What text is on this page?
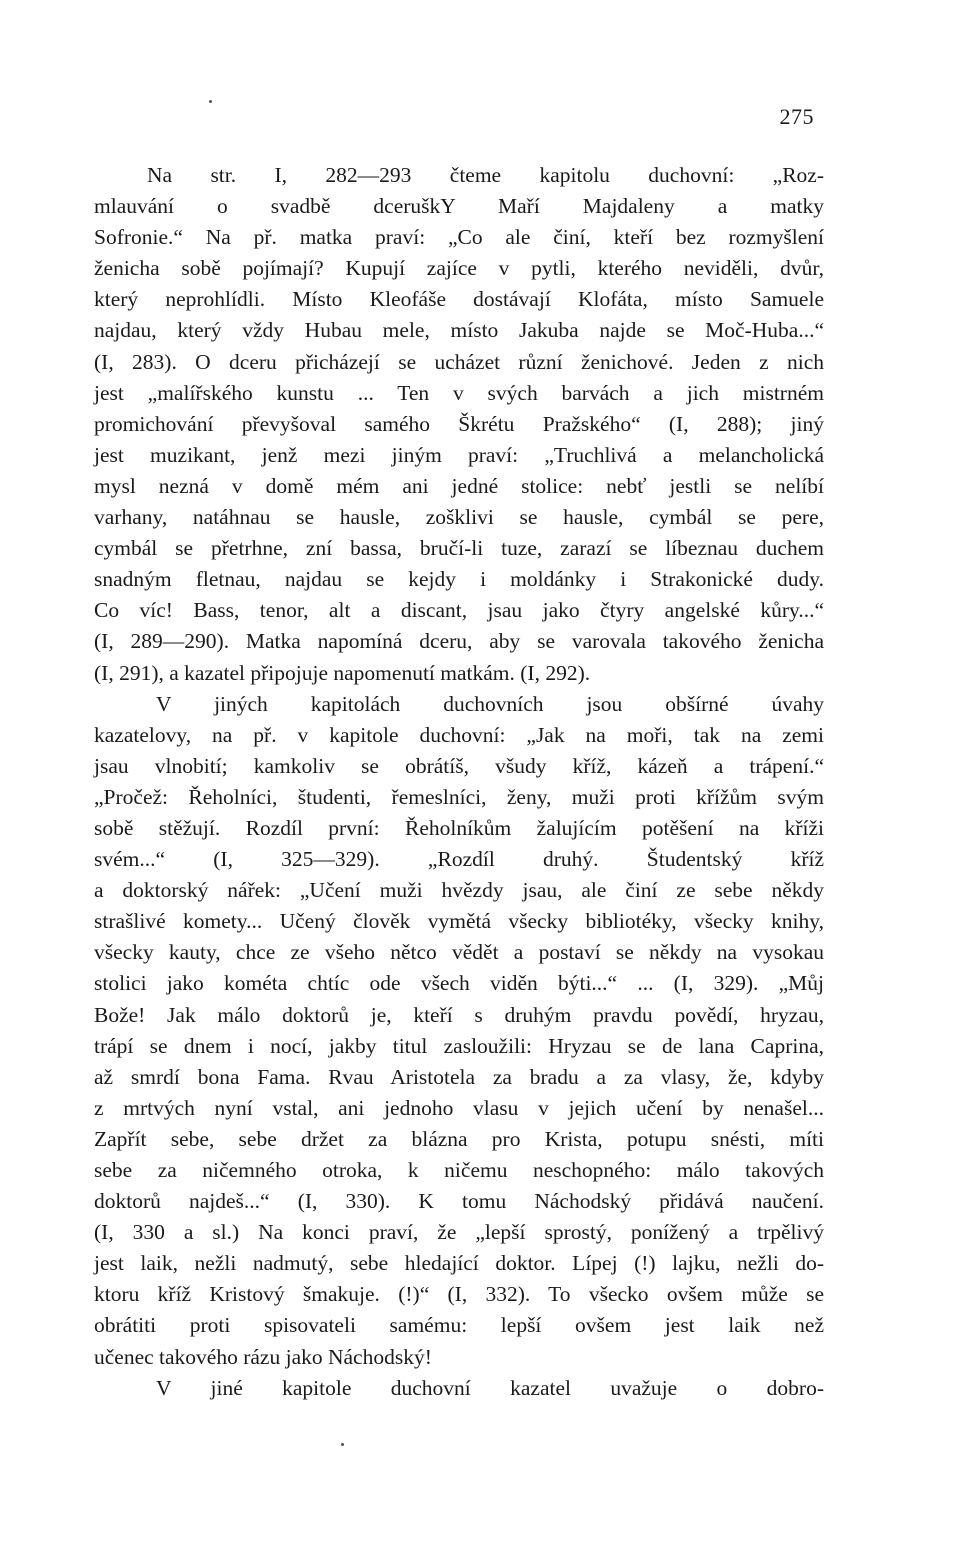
275
Na str. I, 282—293 čteme kapitolu duchovní: „Roz-
mlauvání o svadbě dceruškY Maří Majdaleny a matky
Sofronie.“ Na př. matka praví: „Co ale činí, kteří bez rozmyšlení
ženicha sobě pojímají? Kupují zajíce v pytli, kterého neviděli, dvůr,
který neprohlídli. Místo Kleofáše dostávají Klofáta, místo Samuele
najdau, který vždy Hubau mele, místo Jakuba najde se Moč-Huba...“
(I, 283). O dceru přicházejí se ucházet různí ženichové. Jeden z nich
jest „malířského kunstu ... Ten v svých barvách a jich mistrném
promichování převyšoval samého Škrétu Pražského“ (I, 288); jiný
jest muzikant, jenž mezi jiným praví: „Truchlivá a melancholická
mysl nezná v domě mém ani jedné stolice: nebť jestli se nelíbí
varhany, natáhnau se hausle, zošklivi se hausle, cymbál se pere,
cymbál se přetrhne, zní bassa, bručí-li tuze, zarazí se líbeznau duchem
snadným fletnau, najdau se kejdy i moldánky i Strakonické dudy.
Co víc! Bass, tenor, alt a discant, jsau jako čtyry angelské kůry...“
(I, 289—290). Matka napomíná dceru, aby se varovala takového ženicha
(I, 291), a kazatel připojuje napomenutí matkám. (I, 292).
V jiných kapitolách duchovních jsou obšírné úvahy
kazatelovy, na př. v kapitole duchovní: „Jak na moři, tak na zemi
jsau vlnobití; kamkoliv se obrátíš, všudy kříž, kázeň a trápení.“
„Pročež: Řeholníci, študenti, řemeslníci, ženy, muži proti křížům svým
sobě stěžují. Rozdíl první: Řeholníkům žalujícím potěšení na kříži
svém...“ (I, 325—329). „Rozdíl druhý. Študentský kříž
a doktorský nářek: „Učení muži hvězdy jsau, ale činí ze sebe někdy
strašlivé komety... Učený člověk vymětá všecky bibliotéky, všecky knihy,
všecky kauty, chce ze všeho nětco vědět a postaví se někdy na vysokau
stolici jako kométa chtíc ode všech viděn býti...“ ... (I, 329). „Můj
Bože! Jak málo doktorů je, kteří s druhým pravdu povědí, hryzau,
trápí se dnem i nocí, jakby titul zasloužili: Hryzau se de lana Caprina,
až smrdí bona Fama. Rvau Aristotela za bradu a za vlasy, že, kdyby
z mrtvých nyní vstal, ani jednoho vlasu v jejich učení by nenašel...
Zapřít sebe, sebe držet za blázna pro Krista, potupu snésti, míti
sebe za ničemného otroka, k ničemu neschopného: málo takových
doktorů najdeš...“ (I, 330). K tomu Náchodský přidává naučení.
(I, 330 a sl.) Na konci praví, že „lepší sprostý, ponížený a trpělivý
jest laik, nežli nadmutý, sebe hledající doktor. Lípej (!) lajku, nežli do-
ktoru kříž Kristový šmakuje. (!)“ (I, 332). To všecko ovšem může se
obrátiti proti spisovateli samému: lepší ovšem jest laik než
učenec takového rázu jako Náchodský!
V jiné kapitole duchovní kazatel uvažuje o dobro-
